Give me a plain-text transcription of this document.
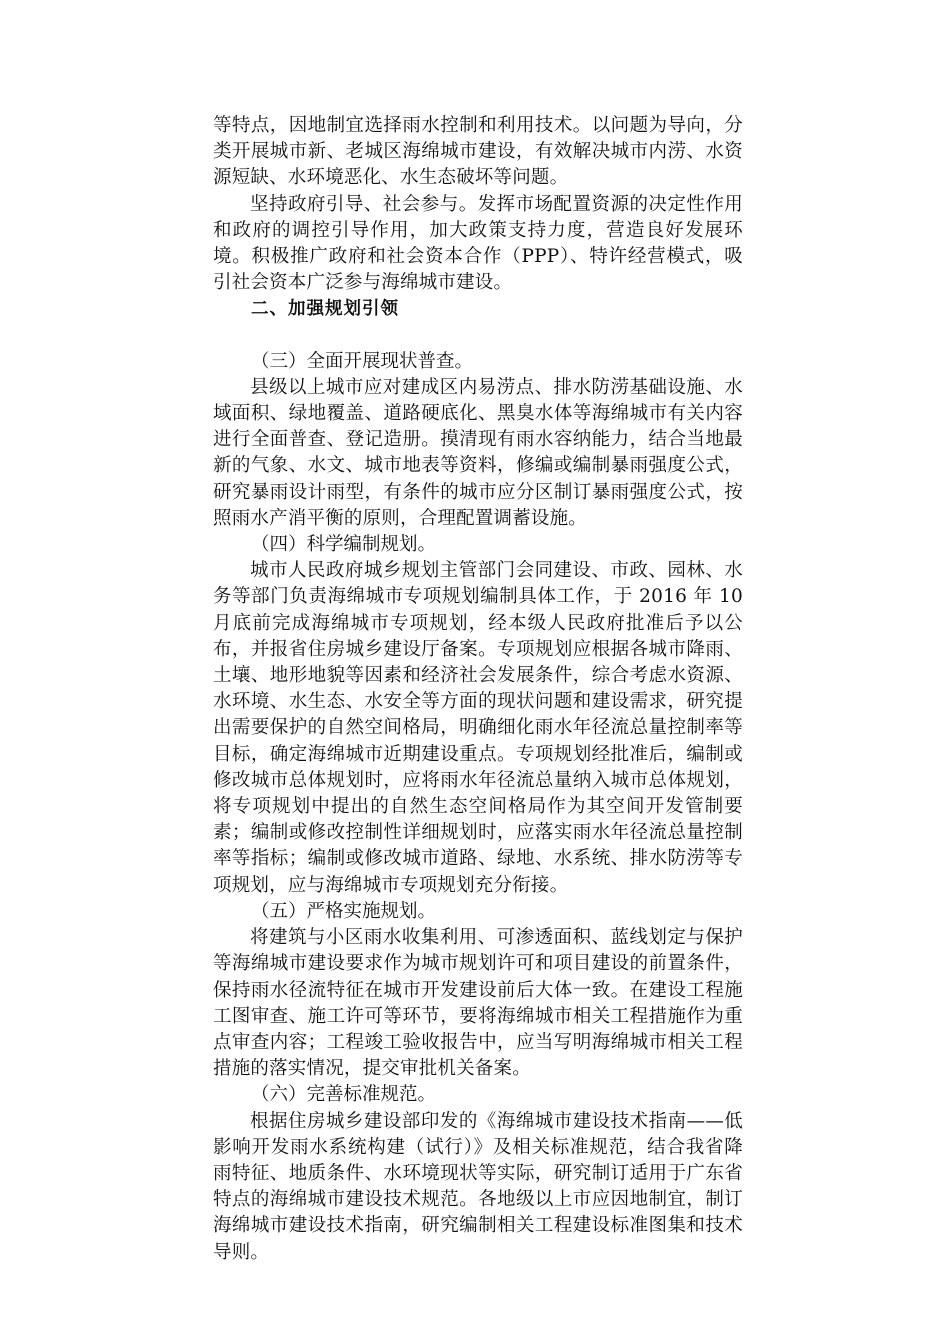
等特点，因地制宜选择雨水控制和利用技术。以问题为导向，分类开展城市新、老城区海绵城市建设，有效解决城市内涝、水资源短缺、水环境恶化、水生态破坏等问题。

坚持政府引导、社会参与。发挥市场配置资源的决定性作用和政府的调控引导作用，加大政策支持力度，营造良好发展环境。积极推广政府和社会资本合作（PPP）、特许经营模式，吸引社会资本广泛参与海绵城市建设。

二、加强规划引领

（三）全面开展现状普查。

县级以上城市应对建成区内易涝点、排水防涝基础设施、水域面积、绿地覆盖、道路硬底化、黑臭水体等海绵城市有关内容进行全面普查、登记造册。摸清现有雨水容纳能力，结合当地最新的气象、水文、城市地表等资料，修编或编制暴雨强度公式，研究暴雨设计雨型，有条件的城市应分区制订暴雨强度公式，按照雨水产消平衡的原则，合理配置调蓄设施。

（四）科学编制规划。

城市人民政府城乡规划主管部门会同建设、市政、园林、水务等部门负责海绵城市专项规划编制具体工作，于 2016 年 10 月底前完成海绵城市专项规划，经本级人民政府批准后予以公布，并报省住房城乡建设厅备案。专项规划应根据各城市降雨、土壤、地形地貌等因素和经济社会发展条件，综合考虑水资源、水环境、水生态、水安全等方面的现状问题和建设需求，研究提出需要保护的自然空间格局，明确细化雨水年径流总量控制率等目标，确定海绵城市近期建设重点。专项规划经批准后，编制或修改城市总体规划时，应将雨水年径流总量纳入城市总体规划，将专项规划中提出的自然生态空间格局作为其空间开发管制要素；编制或修改控制性详细规划时，应落实雨水年径流总量控制率等指标；编制或修改城市道路、绿地、水系统、排水防涝等专项规划，应与海绵城市专项规划充分衔接。

（五）严格实施规划。

将建筑与小区雨水收集利用、可渗透面积、蓝线划定与保护等海绵城市建设要求作为城市规划许可和项目建设的前置条件，保持雨水径流特征在城市开发建设前后大体一致。在建设工程施工图审查、施工许可等环节，要将海绵城市相关工程措施作为重点审查内容；工程竣工验收报告中，应当写明海绵城市相关工程措施的落实情况，提交审批机关备案。

（六）完善标准规范。

根据住房城乡建设部印发的《海绵城市建设技术指南——低影响开发雨水系统构建（试行）》及相关标准规范，结合我省降雨特征、地质条件、水环境现状等实际，研究制订适用于广东省特点的海绵城市建设技术规范。各地级以上市应因地制宜，制订海绵城市建设技术指南，研究编制相关工程建设标准图集和技术导则。
